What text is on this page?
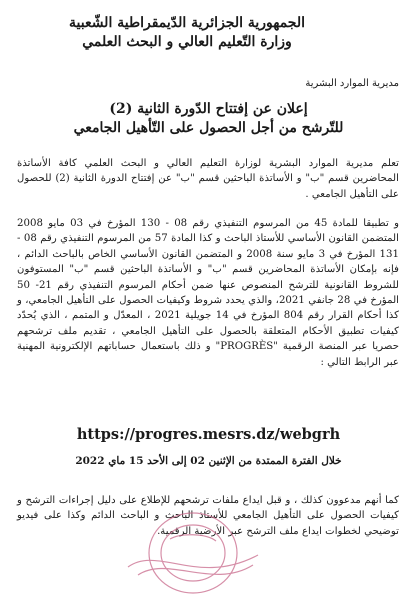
الجمهورية الجزائرية الدّيمقراطية الشّعبية
وزارة التّعليم العالي و البحث العلمي
مديرية الموارد البشرية
إعلان عن إفتتاح الدّورة الثانية (2)
للتّرشح من أجل الحصول على التّأهيل الجامعي

تعلم مديرية الموارد البشرية لوزارة التعليم العالي و البحث العلمي كافة الأساتذة المحاضرين قسم "ب" و الأساتذة الباحثين قسم "ب" عن إفتتاح الدورة الثانية (2) للحصول على التأهيل الجامعي .

و تطبيقا للمادة 45 من المرسوم التنفيذي رقم 08 - 130 المؤرخ في 03 مايو 2008 المتضمن القانون الأساسي للأستاذ الباحث و كذا المادة 57 من المرسوم التنفيذي رقم 08 - 131 المؤرخ في 3 مايو سنة 2008 و المتضمن القانون الأساسي الخاص بالباحث الدائم ، فإنه بإمكان الأساتذة المحاضرين قسم "ب" و الأساتذة الباحثين قسم "ب" المستوفون للشروط القانونية للترشح المنصوص عنها ضمن أحكام المرسوم التنفيذي رقم 21- 50 المؤرخ في 28 جانفي 2021، والذي يحدد شروط وكيفيات الحصول على التأهيل الجامعي، و كذا أحكام القرار رقم 804 المؤرخ في 14 جويلية 2021 ، المعدّل و المتمم ، الذي يُحدّد كيفيات تطبيق الأحكام المتعلقة بالحصول على التأهيل الجامعي ، تقديم ملف ترشحهم حصريا عبر المنصة الرقمية "PROGRÈS" و ذلك باستعمال حساباتهم الإلكترونية المهنية عبر الرابط التالي :

https://progres.mesrs.dz/webgrh
خلال الفترة الممتدة من الإثنين 02 إلى الأحد 15 ماي 2022

كما أنهم مدعوون كذلك ، و قبل ايداع ملفات ترشحهم للإطلاع على دليل إجراءات الترشح و كيفيات الحصول على التأهيل الجامعي للأستاذ الباحث و الباحث الدائم وكذا على فيديو توضيحي لخطوات ايداع ملف الترشح عبر الأرضية الرقمية.
